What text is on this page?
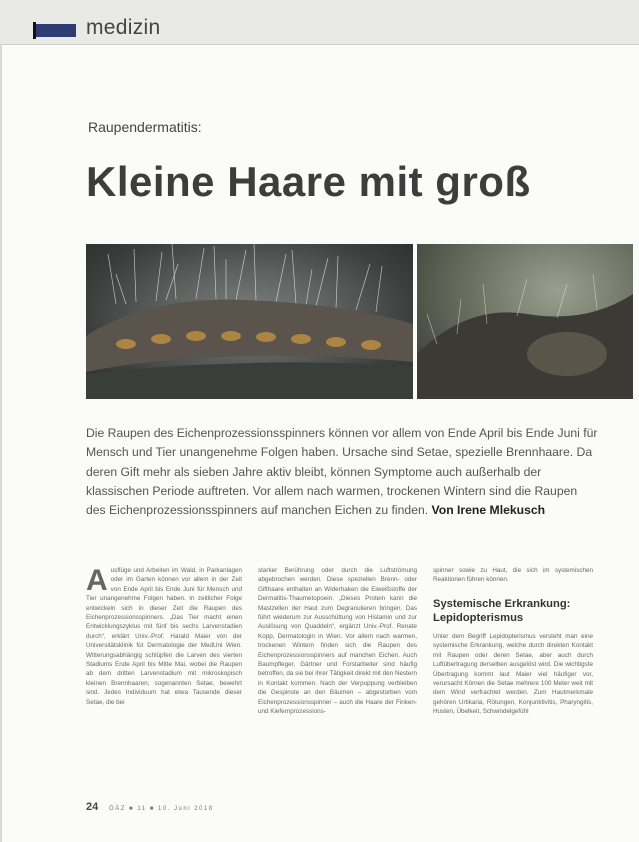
medizin
Raupendermatitis:
Kleine Haare mit groß
Die Raupen des Eichenprozessionsspinners können vor allem von Ende April bis Ende Juni für Mensch und Tier unangenehme Folgen haben. Ursache sind Setae, spezielle Brennhaare. Da deren Gift mehr als sieben Jahre aktiv bleibt, können Symptome auch außerhalb der klassischen Periode auftreten. Vor allem nach warmen, trockenen Wintern sind die Raupen des Eichenprozessionsspinners auf manchen Eichen zu finden. Von Irene Mlekusch
A usflüge und Arbeiten im Wald, in Parkanlagen oder im Garten können vor allem in der Zeit von Ende April bis Ende Juni für Mensch und Tier unangenehme Folgen haben. In zeitlicher Folge entwickeln sich in dieser Zeit die Raupen des Eichenprozessionsspinners. „Das Tier macht einen Entwicklungszyklus mit fünf bis sechs Larvenstadien durch“, erklärt Univ.-Prof. Harald Maier von der Universitätsklinik für Dermatologie der MedUni Wien. Witterungsabhängig schlüpfen die Larven des vierten Stadiums Ende April bis Mitte Mai, wobei die Raupen ab dem dritten Larvenstadium mit mikroskopisch kleinen Brennhaaren, sogenannten Setae, bewehrt sind. Jedes Individuum hat etwa Tausende dieser Setae, die bei

starker Berührung oder durch die Luftströmung abgebrochen werden. Diese speziellen Brenn- oder Gifthaare enthalten an Widerhaken die Eiweißstoffe der Dermatitis-Thaumetopoein. „Dieses Protein kann die Mastzellen der Haut zum Degranulieren bringen. Das führt wiederum zur Ausschüttung von Histamin und zur Auslösung von Quaddeln“, ergänzt Univ.-Prof. Renate Kopp, Dermatologin in Wien. Vor allem nach warmen, trockenen Wintern finden sich die Raupen des Eichenprozessionsspinners auf manchen Eichen. Auch Baumpfleger, Gärtner und Forstarbeiter sind häufig betroffen, da sie bei ihrer Tätigkeit direkt mit den Nestern in Kontakt kommen. Nach der Verpuppung verbleiben die Gespinste an den Bäumen – abgestorben vom Eichenprozessionsspinner – auch die Haare der Finken- und Kiefernprozessions-

spinner sowie zu Haut, die sich im systemischen Reaktionen führen können.

Systemische Erkrankung: Lepidopterismus

Unter dem Begriff Lepidopterismus versteht man eine systemische Erkrankung, welche durch direkten Kontakt mit Raupen oder deren Setae, aber auch durch Luftübertragung derselben ausgelöst wird. Die wichtigste Übertragung kommt laut Maier viel häufiger vor, verursacht Körnen die Setae mehrere 100 Meter weit mit dem Wind verfrachtet werden. Zum Hautmerkmale gehören Urtikaria, Rötungen, Konjunktivitis, Pharyngitis, Husten, Übelkeit, Schwindelgefühl

24 ÖÄZ ■ 11 ■ 10. Juni 2018
